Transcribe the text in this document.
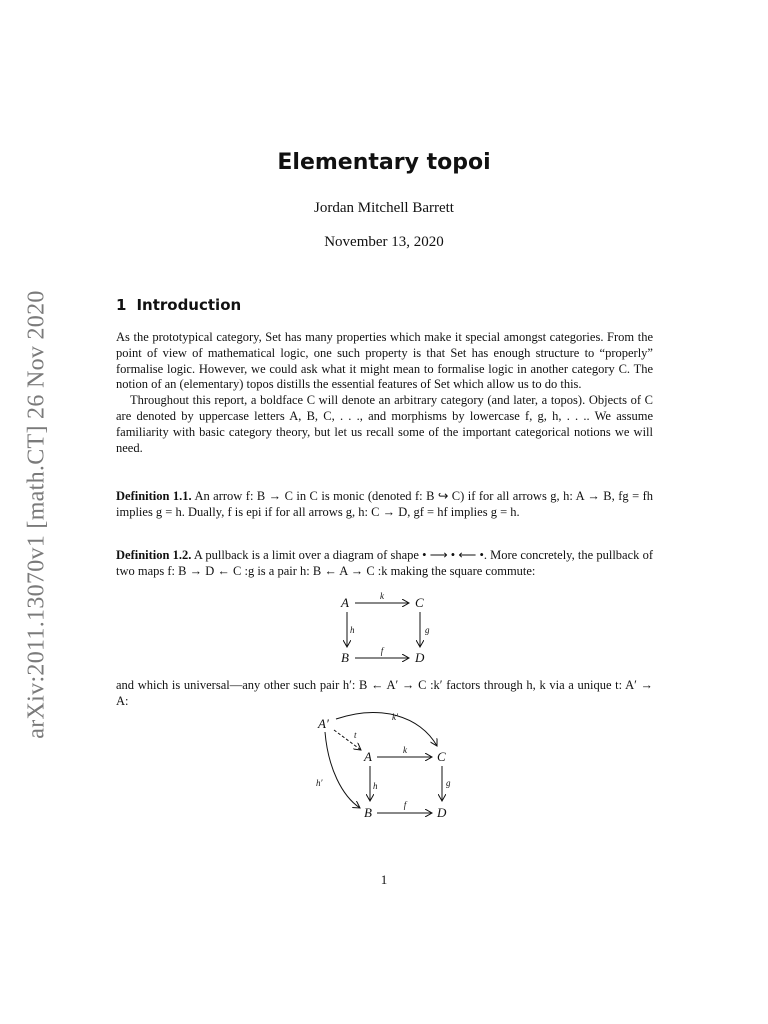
arXiv:2011.13070v1 [math.CT] 26 Nov 2020
Elementary topoi
Jordan Mitchell Barrett
November 13, 2020
1 Introduction

As the prototypical category, Set has many properties which make it special amongst categories. From the point of view of mathematical logic, one such property is that Set has enough structure to “properly” formalise logic. However, we could ask what it might mean to formalise logic in another category C. The notion of an (elementary) topos distills the essential features of Set which allow us to do this.

Throughout this report, a boldface C will denote an arbitrary category (and later, a topos). Objects of C are denoted by uppercase letters A, B, C, . . ., and morphisms by lowercase f, g, h, . . .. We assume familiarity with basic category theory, but let us recall some of the important categorical notions we will need.

Definition 1.1. An arrow f: B → C in C is monic (denoted f: B ↪ C) if for all arrows g, h: A → B, fg = fh implies g = h. Dually, f is epi if for all arrows g, h: C → D, gf = hf implies g = h.

Definition 1.2. A pullback is a limit over a diagram of shape • ⟶ • ⟵ •. More concretely, the pullback of two maps f: B → D ← C :g is a pair h: B ← A → C :k making the square commute:

A	C
B	D
k
f
h	g

and which is universal—any other such pair h′: B ← A′ → C :k′ factors through h, k via a unique t: A′ → A:

A′
A	C
B	D
k
f
h	g
k′
h′
t
1
